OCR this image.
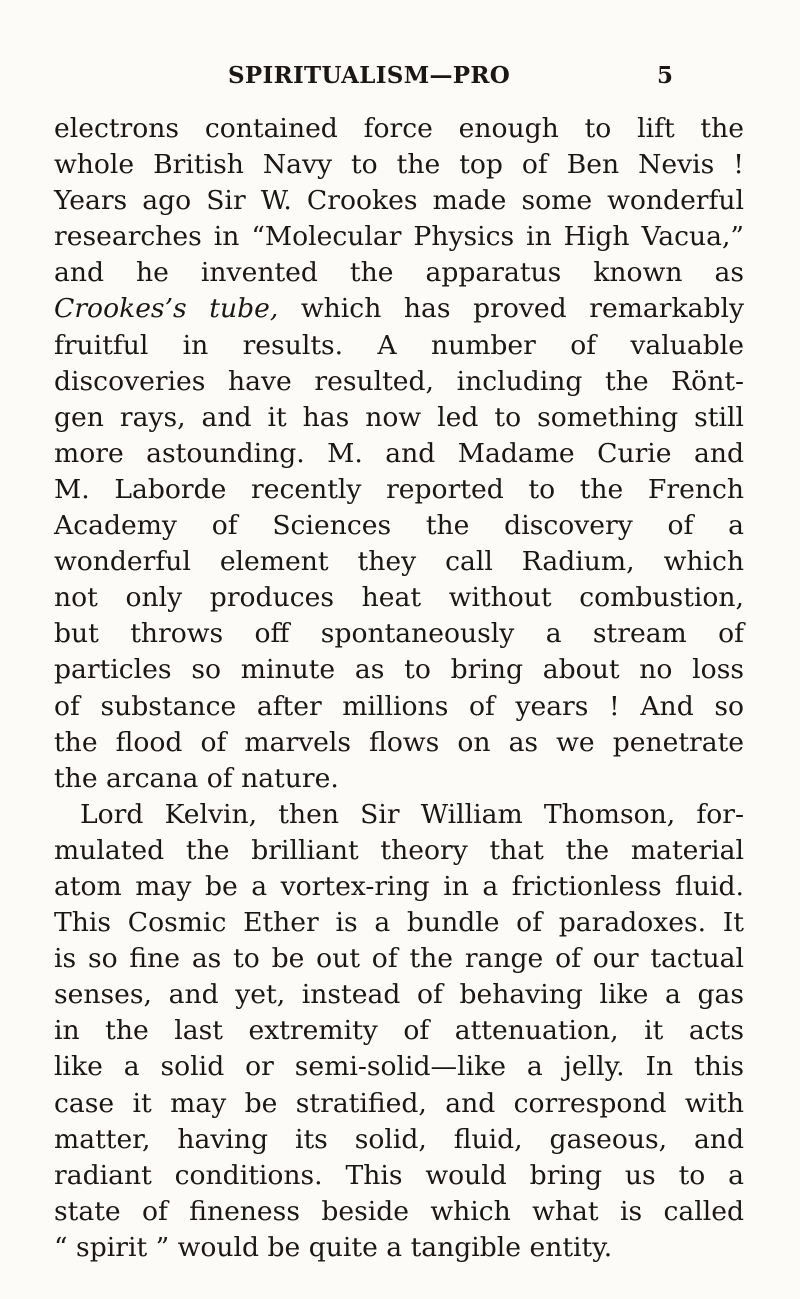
SPIRITUALISM—PRO	5
electrons contained force enough to lift the
whole British Navy to the top of Ben Nevis !
Years ago Sir W. Crookes made some wonderful
researches in “Molecular Physics in High Vacua,”
and he invented the apparatus known as
Crookes’s tube, which has proved remarkably
fruitful in results. A number of valuable
discoveries have resulted, including the Rönt-
gen rays, and it has now led to something still
more astounding. M. and Madame Curie and
M. Laborde recently reported to the French
Academy of Sciences the discovery of a
wonderful element they call Radium, which
not only produces heat without combustion,
but throws off spontaneously a stream of
particles so minute as to bring about no loss
of substance after millions of years ! And so
the flood of marvels flows on as we penetrate
the arcana of nature.
Lord Kelvin, then Sir William Thomson, for-
mulated the brilliant theory that the material
atom may be a vortex-ring in a frictionless fluid.
This Cosmic Ether is a bundle of paradoxes. It
is so fine as to be out of the range of our tactual
senses, and yet, instead of behaving like a gas
in the last extremity of attenuation, it acts
like a solid or semi-solid—like a jelly. In this
case it may be stratified, and correspond with
matter, having its solid, fluid, gaseous, and
radiant conditions. This would bring us to a
state of fineness beside which what is called
“ spirit ” would be quite a tangible entity.
